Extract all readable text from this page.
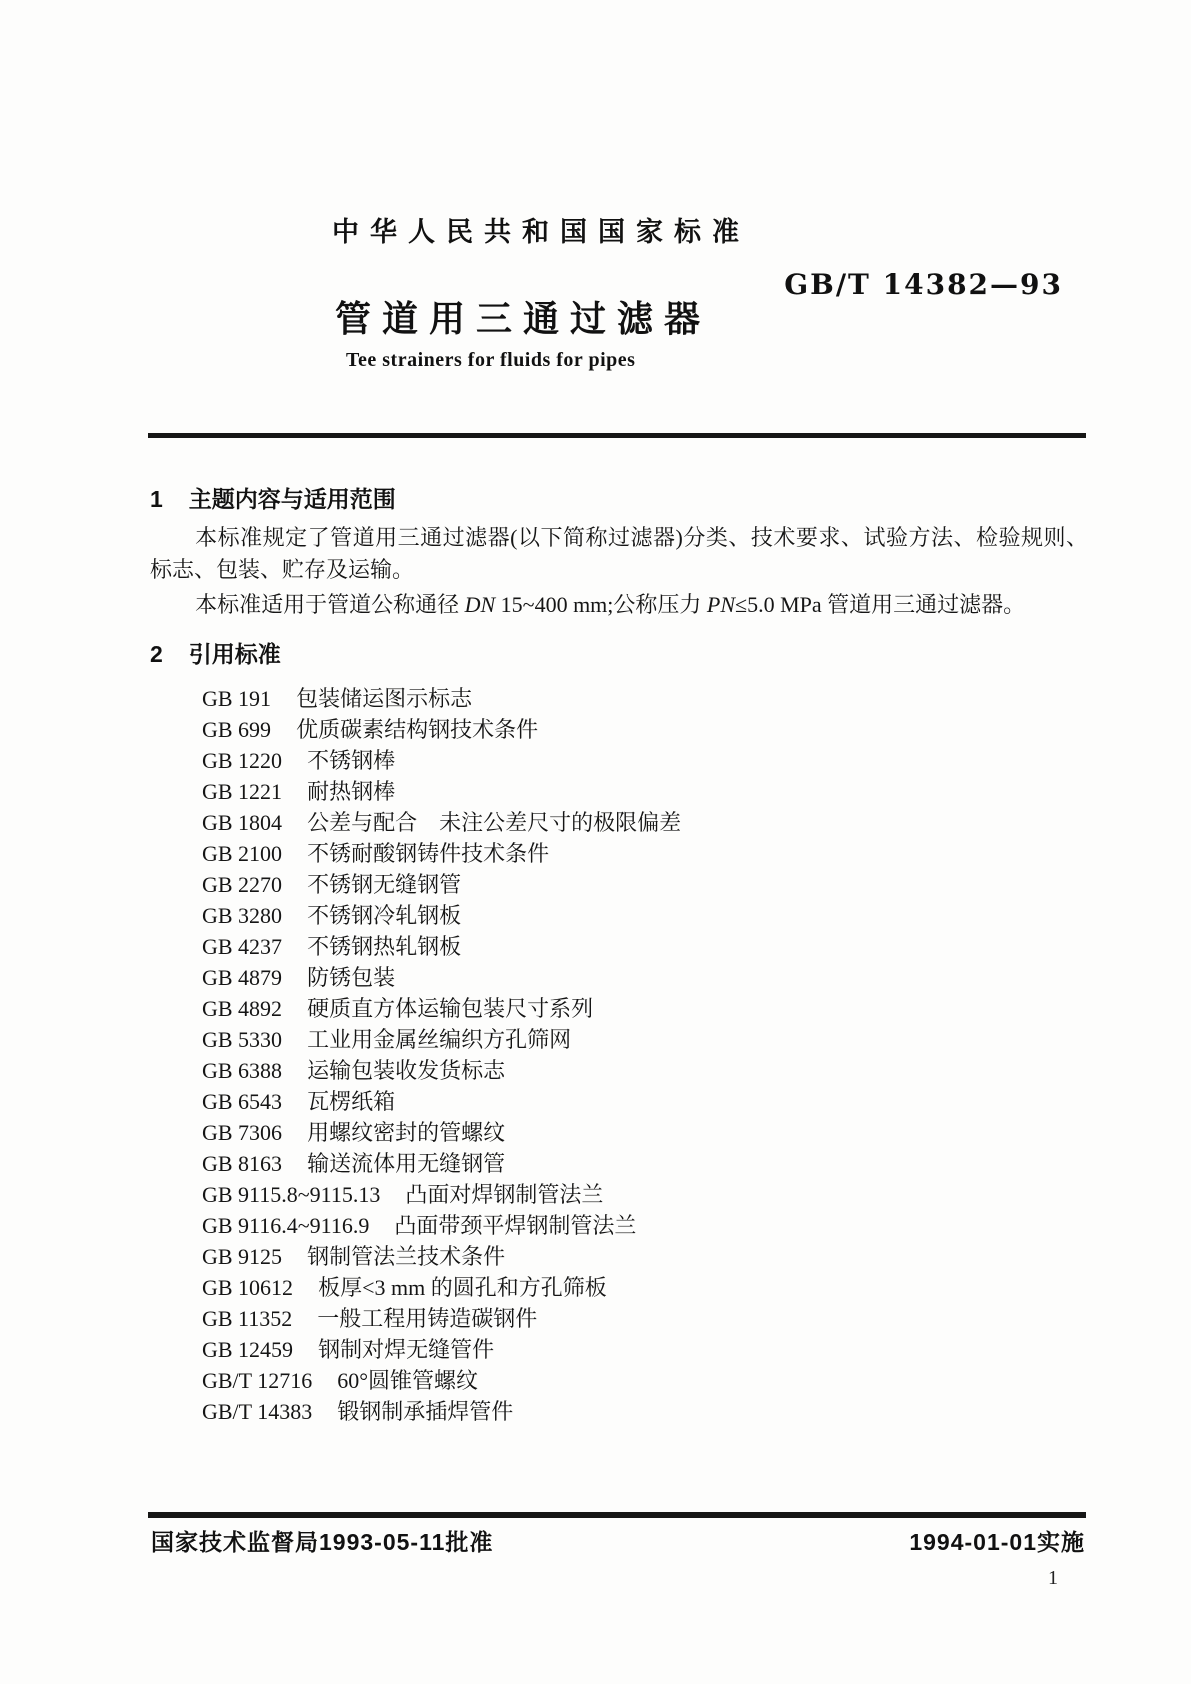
中华人民共和国国家标准
GB/T 14382—93
管道用三通过滤器
Tee strainers for fluids for pipes
1 主题内容与适用范围

本标准规定了管道用三通过滤器(以下简称过滤器)分类、技术要求、试验方法、检验规则、标志、包装、贮存及运输。

本标准适用于管道公称通径 DN 15~400 mm;公称压力 PN≤5.0 MPa 管道用三通过滤器。

2 引用标准
GB 191 包装储运图示标志
GB 699 优质碳素结构钢技术条件
GB 1220 不锈钢棒
GB 1221 耐热钢棒
GB 1804 公差与配合　未注公差尺寸的极限偏差
GB 2100 不锈耐酸钢铸件技术条件
GB 2270 不锈钢无缝钢管
GB 3280 不锈钢冷轧钢板
GB 4237 不锈钢热轧钢板
GB 4879 防锈包装
GB 4892 硬质直方体运输包装尺寸系列
GB 5330 工业用金属丝编织方孔筛网
GB 6388 运输包装收发货标志
GB 6543 瓦楞纸箱
GB 7306 用螺纹密封的管螺纹
GB 8163 输送流体用无缝钢管
GB 9115.8~9115.13 凸面对焊钢制管法兰
GB 9116.4~9116.9 凸面带颈平焊钢制管法兰
GB 9125 钢制管法兰技术条件
GB 10612 板厚<3 mm 的圆孔和方孔筛板
GB 11352 一般工程用铸造碳钢件
GB 12459 钢制对焊无缝管件
GB/T 12716 60°圆锥管螺纹
GB/T 14383 锻钢制承插焊管件
国家技术监督局1993-05-11批准	1994-01-01实施
1
